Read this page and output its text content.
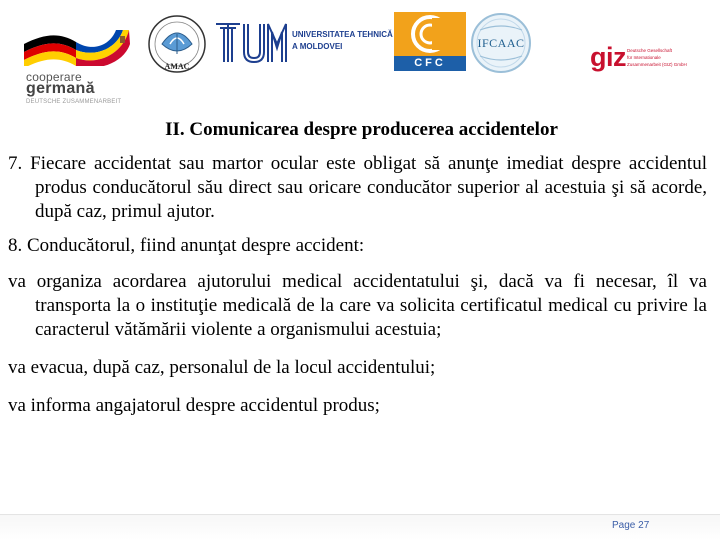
cooperare
germană
DEUTSCHE ZUSAMMENARBEIT
AMAC
UNIVERSITATEA TEHNICĂ
A MOLDOVEI
CFC
IFCAAC	giz Deutsche Gesellschaft
für Internationale
Zusammenarbeit (GIZ) GmbH

II. Comunicarea despre producerea accidentelor

7. Fiecare accidentat sau martor ocular este obligat să anunţe imediat despre accidentul produs conducătorul său direct sau oricare conducător superior al acestuia şi să acorde, după caz, primul ajutor.

8. Conducătorul, fiind anunţat despre accident:

va organiza acordarea ajutorului medical accidentatului şi, dacă va fi necesar, îl va transporta la o instituţie medicală de la care va solicita certificatul medical cu privire la caracterul vătămării violente a organismului acestuia;

va evacua, după caz, personalul de la locul accidentului;

va informa angajatorul despre accidentul produs;

Page 27
